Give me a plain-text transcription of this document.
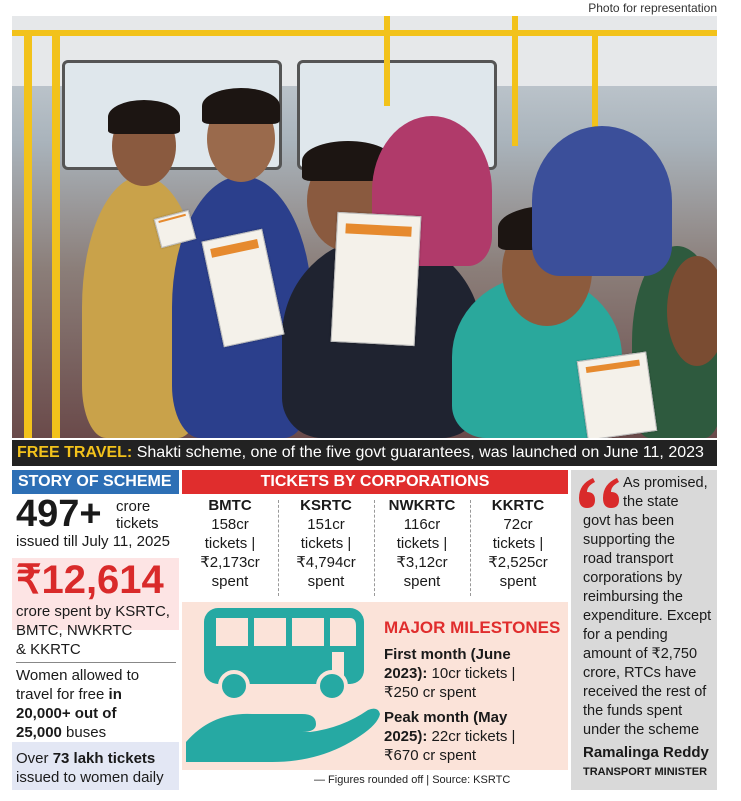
Photo for representation
FREE TRAVEL: Shakti scheme, one of the five govt guarantees, was launched on June 11, 2023
STORY OF SCHEME
497+ crore
tickets
issued till July 11, 2025
₹12,614
crore spent by KSRTC,
BMTC, NWKRTC
& KKRTC
Women allowed to
travel for free in
20,000+ out of
25,000 buses
Over 73 lakh tickets
issued to women daily
TICKETS BY CORPORATIONS
BMTC
158cr
tickets |
₹2,173cr
spent
KSRTC
151cr
tickets |
₹4,794cr
spent
NWKRTC
116cr
tickets |
₹3,12cr
spent
KKRTC
72cr
tickets |
₹2,525cr
spent
MAJOR MILESTONES
First month (June
2023): 10cr tickets |
₹250 cr spent
Peak month (May
2025): 22cr tickets |
₹670 cr spent
— Figures rounded off | Source: KSRTC
As promised,
the state
govt has been
supporting the
road transport
corporations by
reimbursing the
expenditure. Except
for a pending
amount of ₹2,750
crore, RTCs have
received the rest of
the funds spent
under the scheme
Ramalinga Reddy
TRANSPORT MINISTER
